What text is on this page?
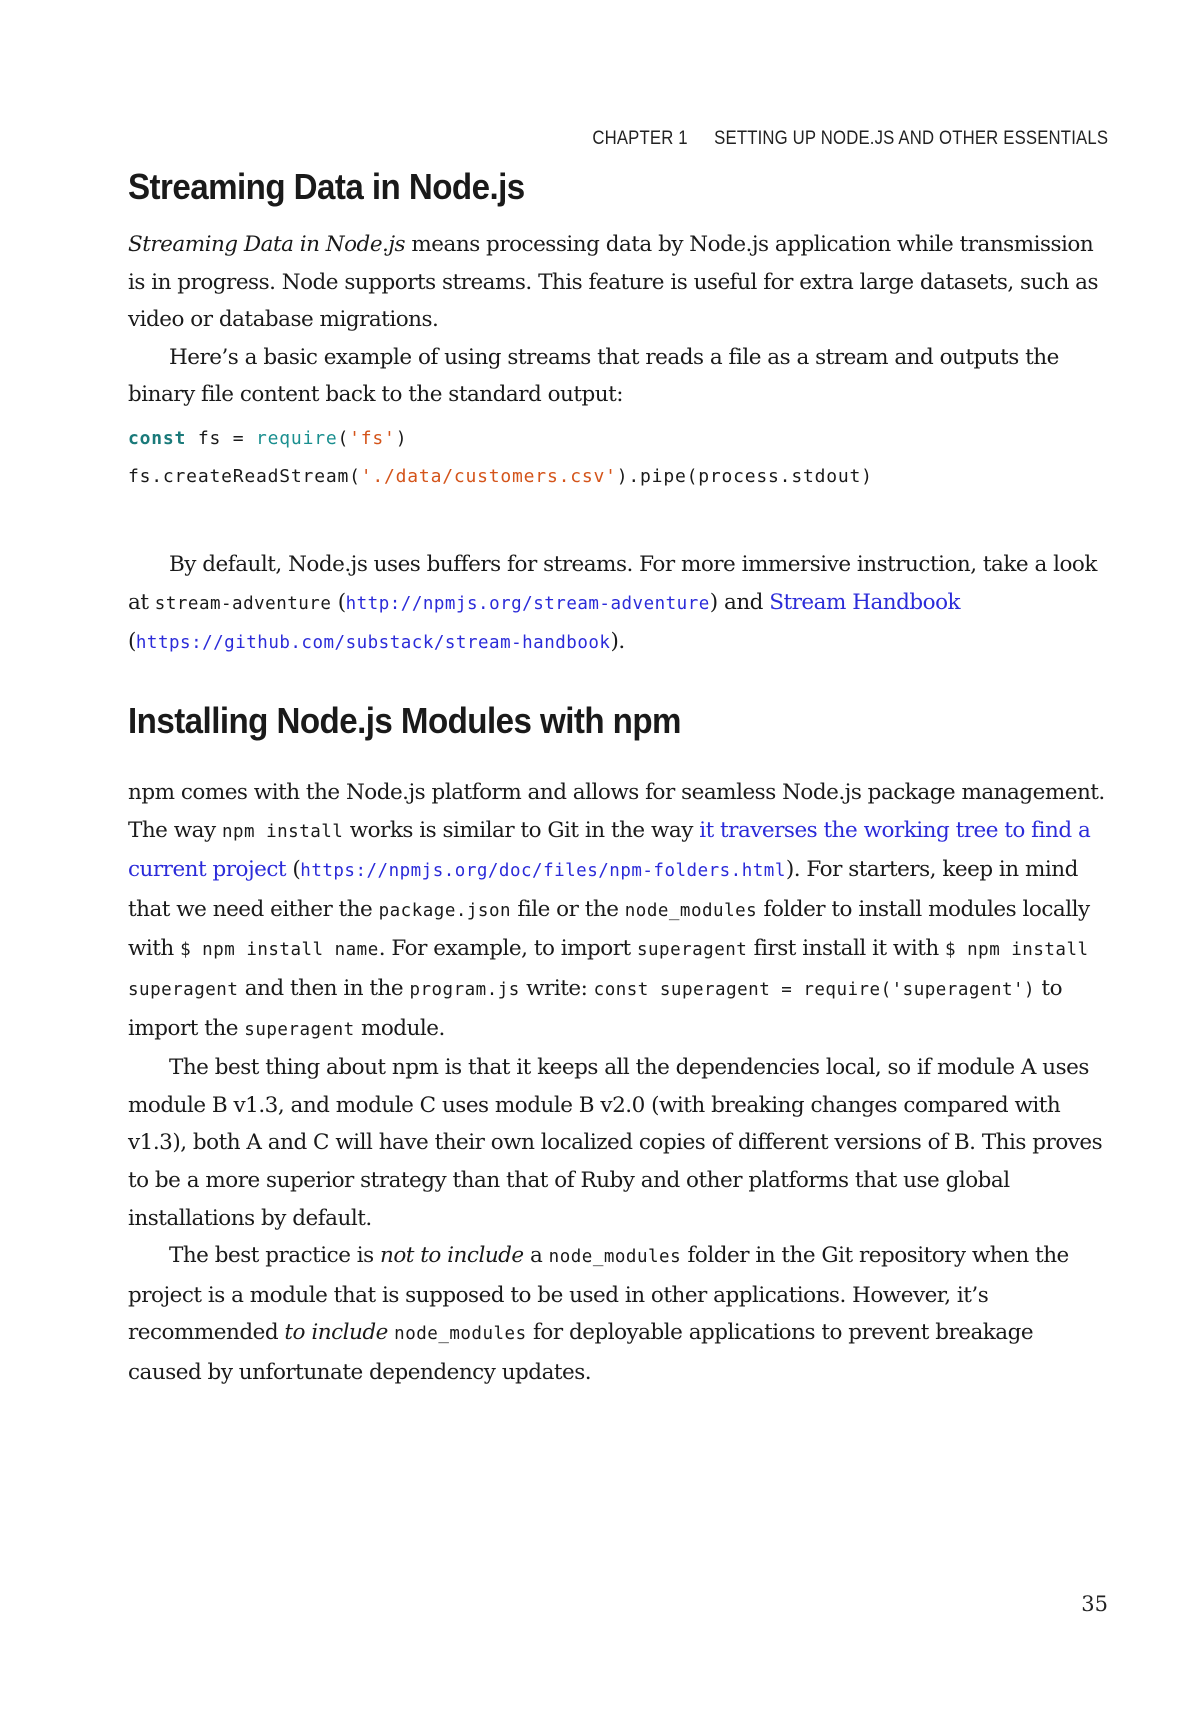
CHAPTER 1 SETTING UP NODE.JS AND OTHER ESSENTIALS
Streaming Data in Node.js

Streaming Data in Node.js means processing data by Node.js application while transmission is in progress. Node supports streams. This feature is useful for extra large datasets, such as video or database migrations.

Here’s a basic example of using streams that reads a file as a stream and outputs the binary file content back to the standard output:

const fs = require('fs')
fs.createReadStream('./data/customers.csv').pipe(process.stdout)

By default, Node.js uses buffers for streams. For more immersive instruction, take a look at stream-adventure (http://npmjs.org/stream-adventure) and Stream Handbook (https://github.com/substack/stream-handbook).

Installing Node.js Modules with npm

npm comes with the Node.js platform and allows for seamless Node.js package management. The way npm install works is similar to Git in the way it traverses the working tree to find a current project (https://npmjs.org/doc/files/npm-folders.html). For starters, keep in mind that we need either the package.json file or the node_modules folder to install modules locally with $ npm install name. For example, to import superagent first install it with $ npm install superagent and then in the program.js write: const superagent = require('superagent') to import the superagent module.

The best thing about npm is that it keeps all the dependencies local, so if module A uses module B v1.3, and module C uses module B v2.0 (with breaking changes compared with v1.3), both A and C will have their own localized copies of different versions of B. This proves to be a more superior strategy than that of Ruby and other platforms that use global installations by default.

The best practice is not to include a node_modules folder in the Git repository when the project is a module that is supposed to be used in other applications. However, it’s recommended to include node_modules for deployable applications to prevent breakage caused by unfortunate dependency updates.

35
